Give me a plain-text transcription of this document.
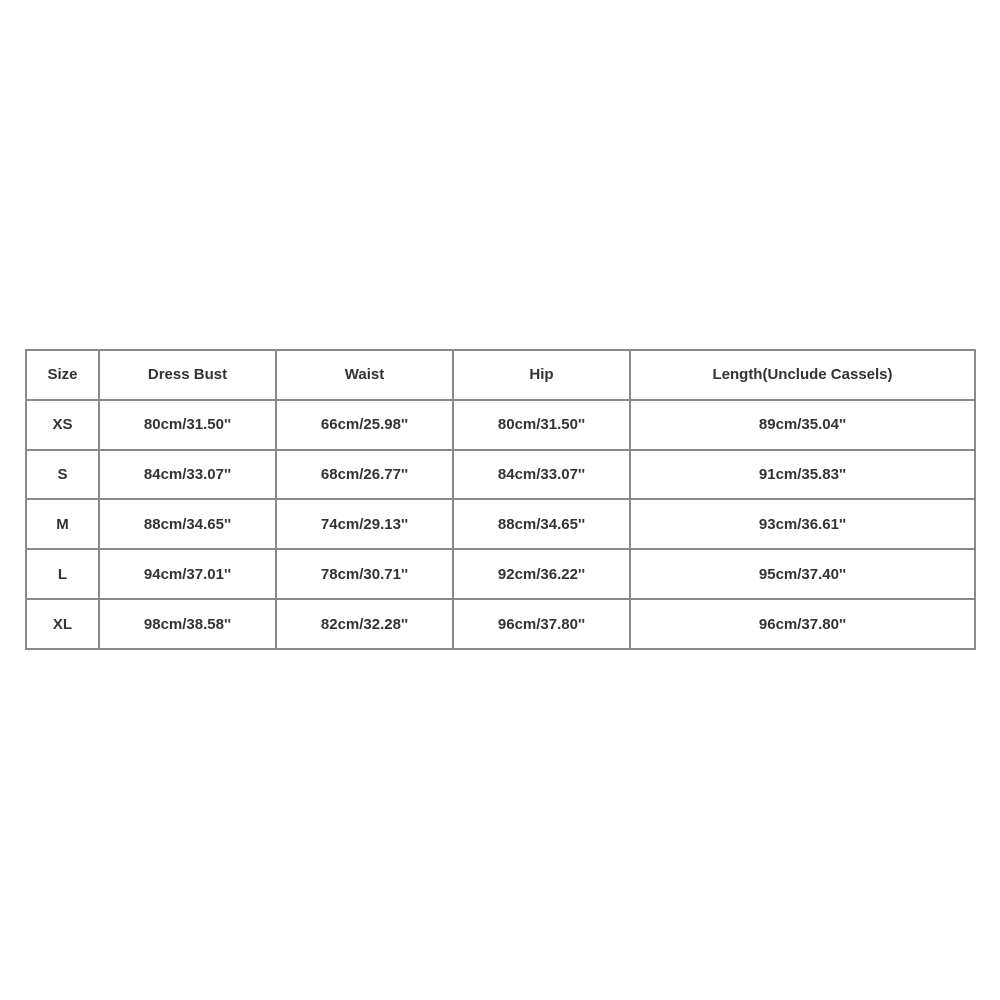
Size	Dress Bust	Waist	Hip	Length(Unclude Cassels)
XS	80cm/31.50''	66cm/25.98''	80cm/31.50''	89cm/35.04''
S	84cm/33.07''	68cm/26.77''	84cm/33.07''	91cm/35.83''
M	88cm/34.65''	74cm/29.13''	88cm/34.65''	93cm/36.61''
L	94cm/37.01''	78cm/30.71''	92cm/36.22''	95cm/37.40''
XL	98cm/38.58''	82cm/32.28''	96cm/37.80''	96cm/37.80''
